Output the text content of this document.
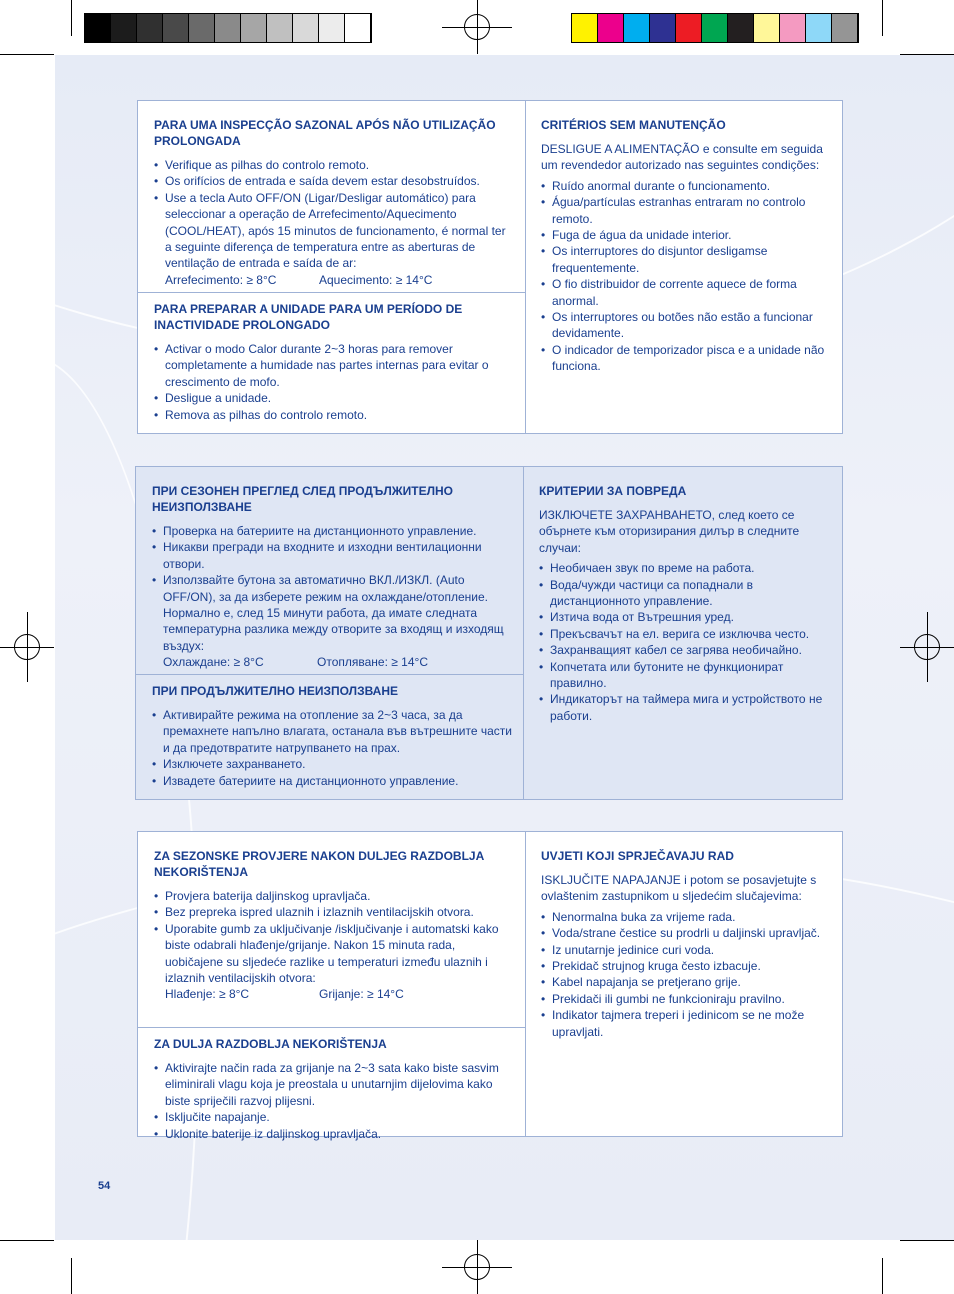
PARA UMA INSPECÇÃO SAZONAL APÓS NÃO UTILIZAÇÃO PROLONGADA
• Verifique as pilhas do controlo remoto.
• Os orifícios de entrada e saída devem estar desobstruídos.
• Use a tecla Auto OFF/ON (Ligar/Desligar automático) para seleccionar a operação de Arrefecimento/Aquecimento (COOL/HEAT), após 15 minutos de funcionamento, é normal ter a seguinte diferença de temperatura entre as aberturas de ventilação de entrada e saída de ar:
Arrefecimento: ≥ 8°C	Aquecimento: ≥ 14°C
PARA PREPARAR A UNIDADE PARA UM PERÍODO DE INACTIVIDADE PROLONGADO
• Activar o modo Calor durante 2~3 horas para remover completamente a humidade nas partes internas para evitar o crescimento de mofo.
• Desligue a unidade.
• Remova as pilhas do controlo remoto.
CRITÉRIOS SEM MANUTENÇÃO

DESLIGUE A ALIMENTAÇÃO e consulte em seguida um revendedor autorizado nas seguintes condições:

• Ruído anormal durante o funcionamento.
• Água/partículas estranhas entraram no controlo remoto.
• Fuga de água da unidade interior.
• Os interruptores do disjuntor desligamse frequentemente.
• O fio distribuidor de corrente aquece de forma anormal.
• Os interruptores ou botões não estão a funcionar devidamente.
• O indicador de temporizador pisca e a unidade não funciona.
ПРИ СЕЗОНЕН ПРЕГЛЕД СЛЕД ПРОДЪЛЖИТЕЛНО НЕИЗПОЛЗВАНЕ
• Проверка на батериите на дистанционното управление.
• Никакви прегради на входните и изходни вентилационни отвори.
• Използвайте бутона за автоматично ВКЛ./ИЗКЛ. (Auto OFF/ON), за да изберете режим на охлаждане/отопление. Нормално е, след 15 минути работа, да имате следната температурна разлика между отворите за входящ и изходящ въздух:
Охлаждане: ≥ 8°C	Отопляване: ≥ 14°C
ПРИ ПРОДЪЛЖИТЕЛНО НЕИЗПОЛЗВАНЕ
• Активирайте режима на отопление за 2~3 часа, за да премахнете напълно влагата, останала във вътрешните части и да предотвратите натрупването на прах.
• Изключете захранването.
• Извадете батериите на дистанционното управление.
КРИТЕРИИ ЗА ПОВРЕДА

ИЗКЛЮЧЕТЕ ЗАХРАНВАНЕТО, след което се обърнете към оторизирания дилър в следните случаи:

• Необичаен звук по време на работа.
• Вода/чужди частици са попаднали в дистанционното управление.
• Изтича вода от Вътрешния уред.
• Прекъсвачът на ел. верига се изключва често.
• Захранващият кабел се загрява необичайно.
• Копчетата или бутоните не функционират правилно.
• Индикаторът на таймера мига и устройството не работи.
ZA SEZONSKE PROVJERE NAKON DULJEG RAZDOBLJA NEKORIŠTENJA
• Provjera baterija daljinskog upravljača.
• Bez prepreka ispred ulaznih i izlaznih ventilacijskih otvora.
• Uporabite gumb za uključivanje /isključivanje i automatski kako biste odabrali hlađenje/grijanje. Nakon 15 minuta rada, uobičajene su sljedeće razlike u temperaturi između ulaznih i izlaznih ventilacijskih otvora:
Hlađenje: ≥ 8°C	Grijanje: ≥ 14°C
ZA DULJA RAZDOBLJA NEKORIŠTENJA
• Aktivirajte način rada za grijanje na 2~3 sata kako biste sasvim eliminirali vlagu koja je preostala u unutarnjim dijelovima kako biste spriječili razvoj plijesni.
• Isključite napajanje.
• Uklonite baterije iz daljinskog upravljača.
UVJETI KOJI SPRJEČAVAJU RAD

ISKLJUČITE NAPAJANJE i potom se posavjetujte s ovlaštenim zastupnikom u sljedećim slučajevima:

• Nenormalna buka za vrijeme rada.
• Voda/strane čestice su prodrli u daljinski upravljač.
• Iz unutarnje jedinice curi voda.
• Prekidač strujnog kruga često izbacuje.
• Kabel napajanja se pretjerano grije.
• Prekidači ili gumbi ne funkcioniraju pravilno.
• Indikator tajmera treperi i jedinicom se ne može upravljati.
54
